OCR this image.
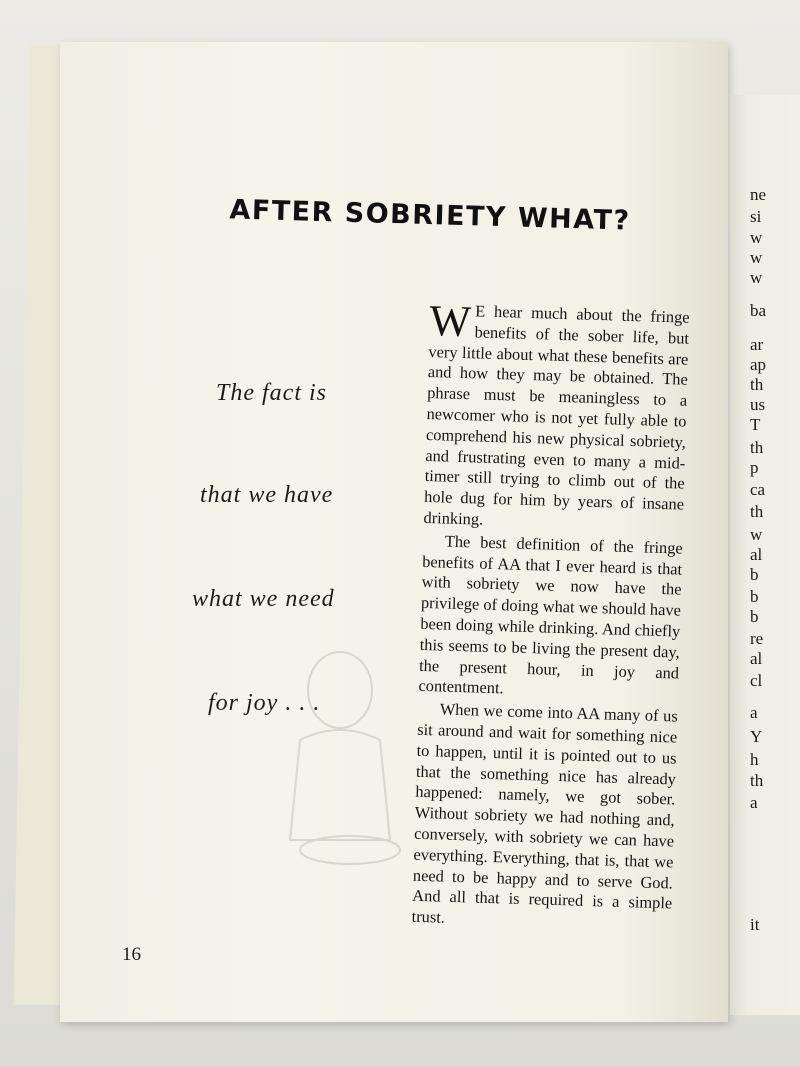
ne
si
w
w
w
ba
ar
ap
th
us
T
th
p
ca
th
w
al
b
b
b
re
al
cl
a
Y
h
th
a
it
AFTER SOBRIETY WHAT?
The fact is
that we have
what we need
for joy . . .

W E hear much about the fringe benefits of the sober life, but very little about what these benefits are and how they may be obtained. The phrase must be meaningless to a newcomer who is not yet fully able to comprehend his new physical sobriety, and frustrating even to many a mid-timer still trying to climb out of the hole dug for him by years of insane drinking.

The best definition of the fringe benefits of AA that I ever heard is that with sobriety we now have the privilege of doing what we should have been doing while drinking. And chiefly this seems to be living the present day, the present hour, in joy and contentment.

When we come into AA many of us sit around and wait for something nice to happen, until it is pointed out to us that the something nice has already happened: namely, we got sober. Without sobriety we had nothing and, conversely, with sobriety we can have everything. Everything, that is, that we need to be happy and to serve God. And all that is required is a simple trust.

16
